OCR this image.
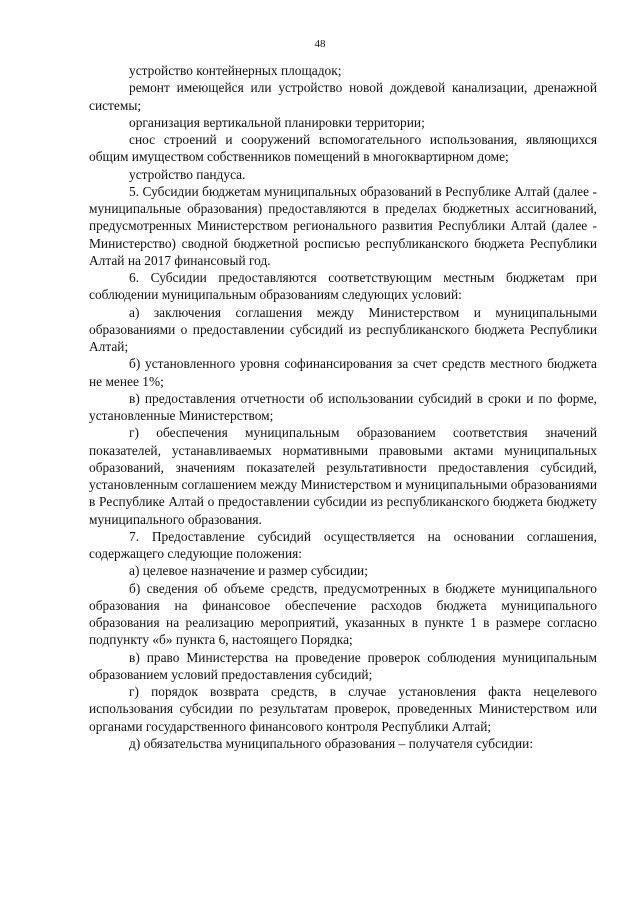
48

устройство контейнерных площадок;

ремонт имеющейся или устройство новой дождевой канализации, дренажной системы;

организация вертикальной планировки территории;

снос строений и сооружений вспомогательного использования, являющихся общим имуществом собственников помещений в многоквартирном доме;

устройство пандуса.

5. Субсидии бюджетам муниципальных образований в Республике Алтай (далее - муниципальные образования) предоставляются в пределах бюджетных ассигнований, предусмотренных Министерством регионального развития Республики Алтай (далее - Министерство) сводной бюджетной росписью республиканского бюджета Республики Алтай на 2017 финансовый год.

6. Субсидии предоставляются соответствующим местным бюджетам при соблюдении муниципальным образованиям следующих условий:

а) заключения соглашения между Министерством и муниципальными образованиями о предоставлении субсидий из республиканского бюджета Республики Алтай;

б) установленного уровня софинансирования за счет средств местного бюджета не менее 1%;

в) предоставления отчетности об использовании субсидий в сроки и по форме, установленные Министерством;

г) обеспечения муниципальным образованием соответствия значений показателей, устанавливаемых нормативными правовыми актами муниципальных образований, значениям показателей результативности предоставления субсидий, установленным соглашением между Министерством и муниципальными образованиями в Республике Алтай о предоставлении субсидии из республиканского бюджета бюджету муниципального образования.

7. Предоставление субсидий осуществляется на основании соглашения, содержащего следующие положения:

а) целевое назначение и размер субсидии;

б) сведения об объеме средств, предусмотренных в бюджете муниципального образования на финансовое обеспечение расходов бюджета муниципального образования на реализацию мероприятий, указанных в пункте 1 в размере согласно подпункту «б» пункта 6, настоящего Порядка;

в) право Министерства на проведение проверок соблюдения муниципальным образованием условий предоставления субсидий;

г) порядок возврата средств, в случае установления факта нецелевого использования субсидии по результатам проверок, проведенных Министерством или органами государственного финансового контроля Республики Алтай;

д) обязательства муниципального образования – получателя субсидии:
